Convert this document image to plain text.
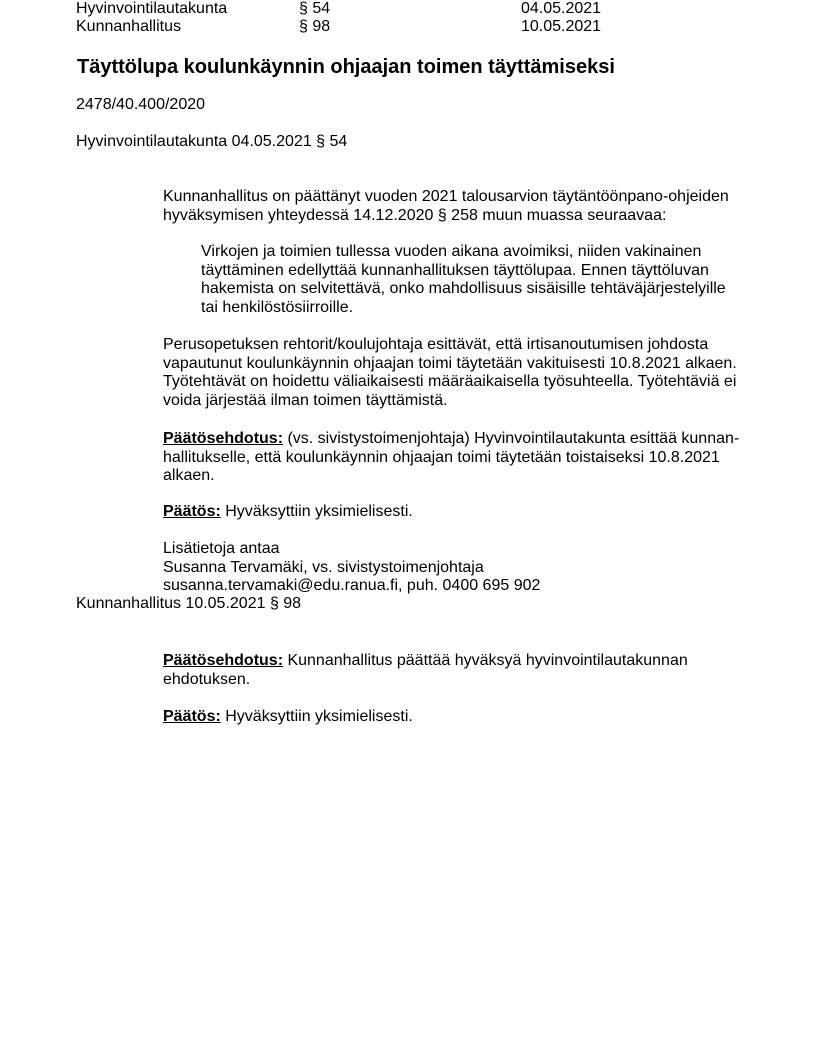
Hyvinvointilautakunta	§ 54	04.05.2021
Kunnanhallitus	§ 98	10.05.2021
Täyttölupa koulunkäynnin ohjaajan toimen täyttämiseksi
2478/40.400/2020
Hyvinvointilautakunta 04.05.2021 § 54
Kunnanhallitus on päättänyt vuoden 2021 talousarvion täytäntöönpano-ohjeiden
hyväksymisen yhteydessä 14.12.2020 § 258 muun muassa seuraavaa:
Virkojen ja toimien tullessa vuoden aikana avoimiksi, niiden vakinainen
täyttäminen edellyttää kunnanhallituksen täyttölupaa. Ennen täyttöluvan
hakemista on selvitettävä, onko mahdollisuus sisäisille tehtäväjärjestelyille
tai henkilöstösiirroille.
Perusopetuksen rehtorit/koulujohtaja esittävät, että irtisanoutumisen johdosta
vapautunut koulunkäynnin ohjaajan toimi täytetään vakituisesti 10.8.2021 alkaen.
Työtehtävät on hoidettu väliaikaisesti määräaikaisella työsuhteella. Työtehtäviä ei
voida järjestää ilman toimen täyttämistä.
Päätösehdotus: (vs. sivistystoimenjohtaja) Hyvinvointilautakunta esittää kunnan-
hallitukselle, että koulunkäynnin ohjaajan toimi täytetään toistaiseksi 10.8.2021
alkaen.
Päätös: Hyväksyttiin yksimielisesti.
Lisätietoja antaa
Susanna Tervamäki, vs. sivistystoimenjohtaja
susanna.tervamaki@edu.ranua.fi, puh. 0400 695 902
Kunnanhallitus 10.05.2021 § 98
Päätösehdotus: Kunnanhallitus päättää hyväksyä hyvinvointilautakunnan
ehdotuksen.
Päätös: Hyväksyttiin yksimielisesti.
